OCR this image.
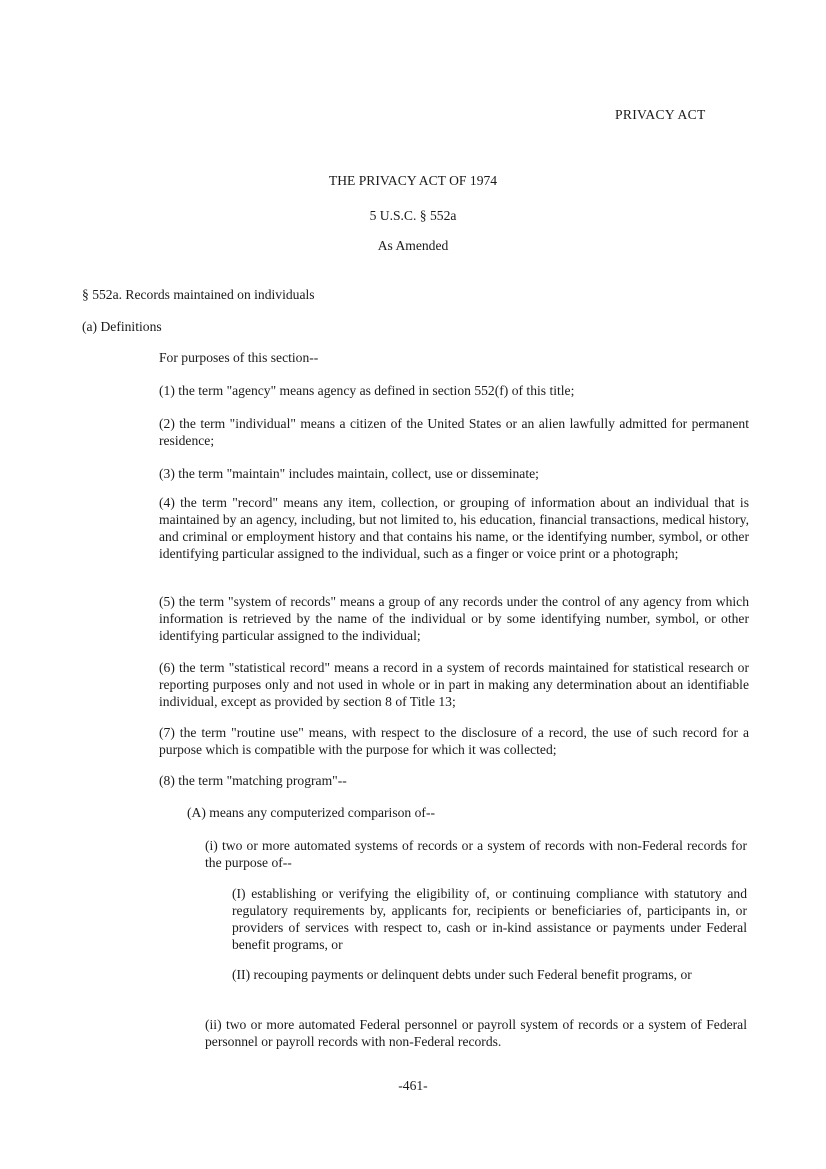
PRIVACY ACT
THE PRIVACY ACT OF 1974
5 U.S.C. § 552a
As Amended
§ 552a. Records maintained on individuals
(a) Definitions
For purposes of this section--
(1) the term "agency" means agency as defined in section 552(f) of this title;
(2) the term "individual" means a citizen of the United States or an alien lawfully admitted for permanent residence;
(3) the term "maintain" includes maintain, collect, use or disseminate;
(4) the term "record" means any item, collection, or grouping of information about an individual that is maintained by an agency, including, but not limited to, his education, financial transactions, medical history, and criminal or employment history and that contains his name, or the identifying number, symbol, or other identifying particular assigned to the individual, such as a finger or voice print or a photograph;
(5) the term "system of records" means a group of any records under the control of any agency from which information is retrieved by the name of the individual or by some identifying number, symbol, or other identifying particular assigned to the individual;
(6) the term "statistical record" means a record in a system of records maintained for statistical research or reporting purposes only and not used in whole or in part in making any determination about an identifiable individual, except as provided by section 8 of Title 13;
(7) the term "routine use" means, with respect to the disclosure of a record, the use of such record for a purpose which is compatible with the purpose for which it was collected;
(8) the term "matching program"--
(A) means any computerized comparison of--
(i) two or more automated systems of records or a system of records with non-Federal records for the purpose of--
(I) establishing or verifying the eligibility of, or continuing compliance with statutory and regulatory requirements by, applicants for, recipients or beneficiaries of, participants in, or providers of services with respect to, cash or in-kind assistance or payments under Federal benefit programs, or
(II) recouping payments or delinquent debts under such Federal benefit programs, or
(ii) two or more automated Federal personnel or payroll system of records or a system of Federal personnel or payroll records with non-Federal records.
-461-
